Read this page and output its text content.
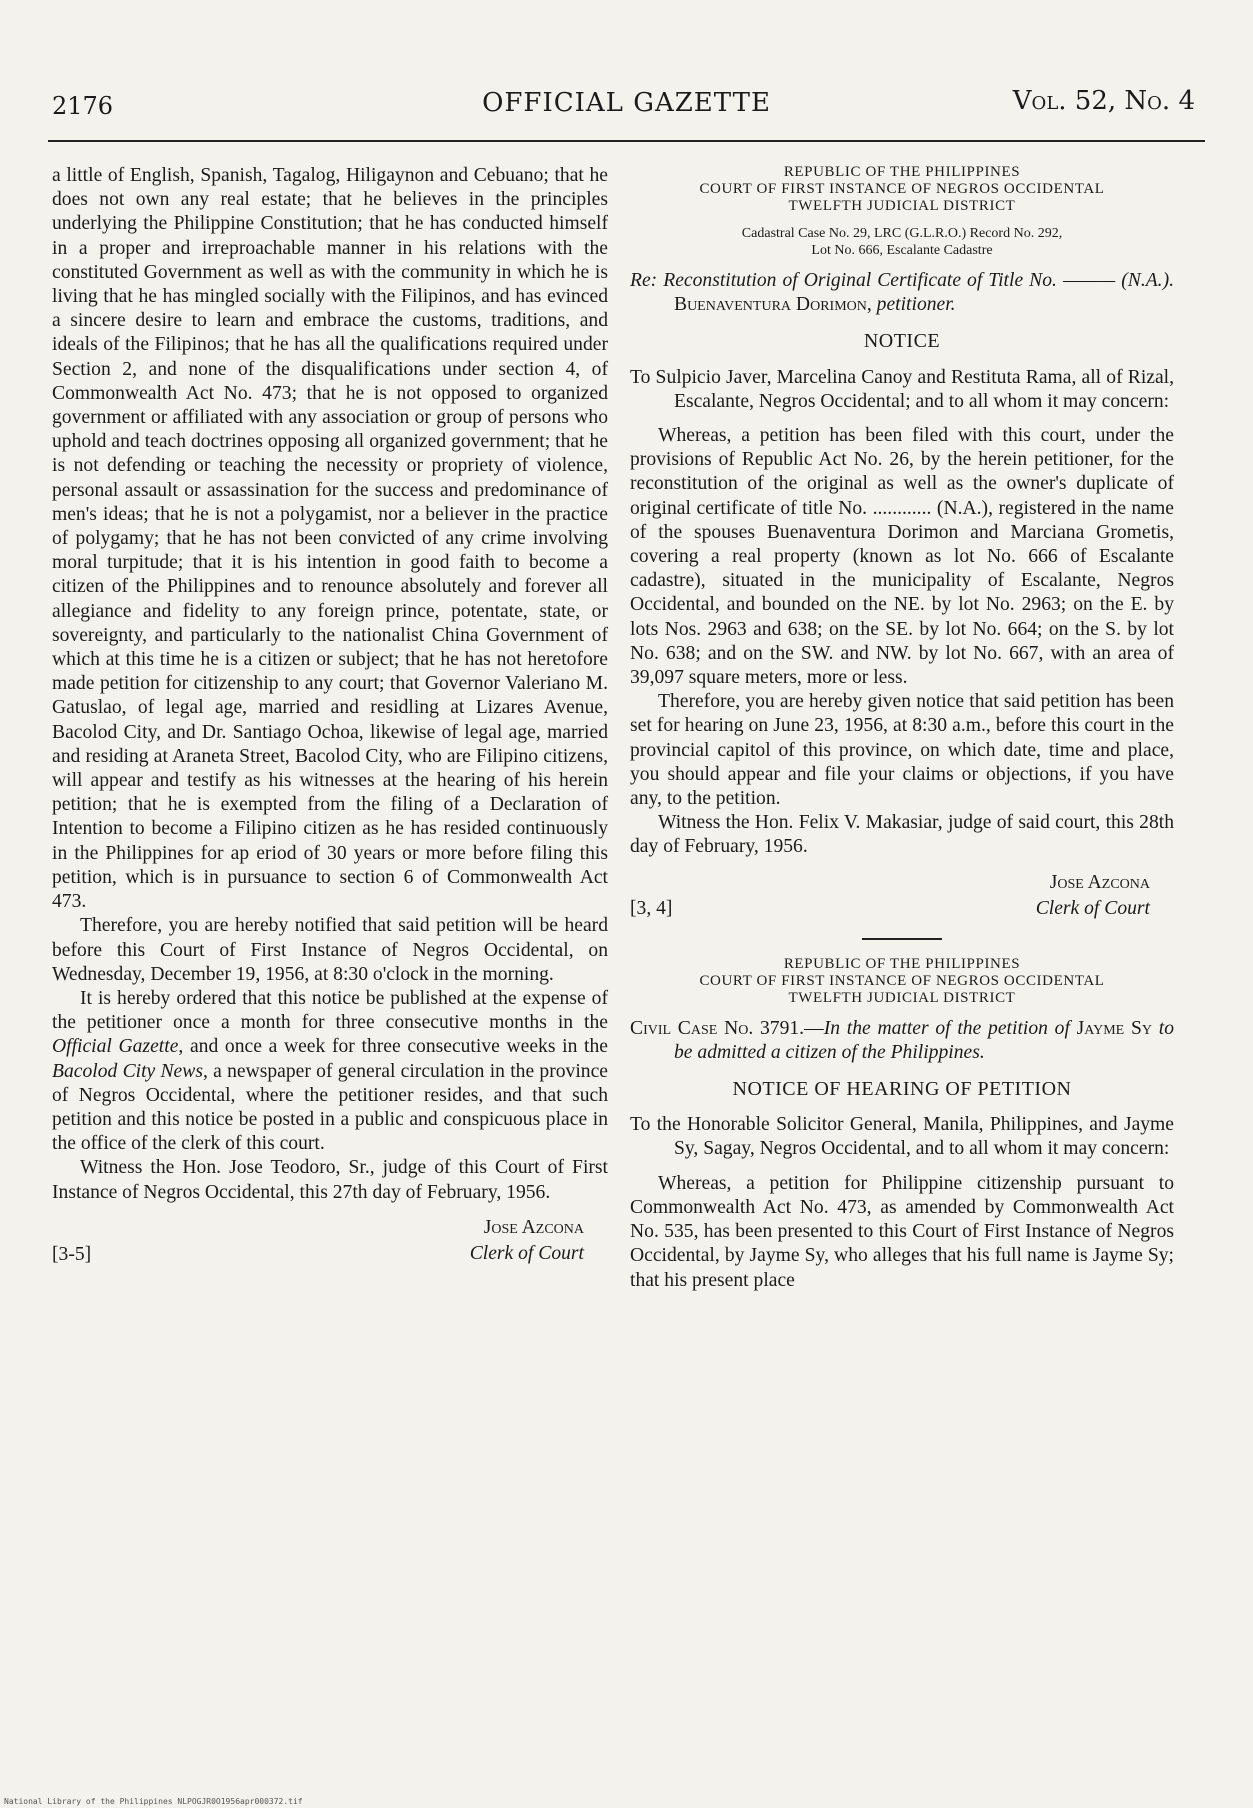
2176	OFFICIAL GAZETTE	Vol. 52, No. 4

a little of English, Spanish, Tagalog, Hiligaynon and Cebuano; that he does not own any real estate; that he believes in the principles underlying the Philippine Constitution; that he has conducted himself in a proper and irreproachable manner in his relations with the constituted Government as well as with the community in which he is living that he has mingled socially with the Filipinos, and has evinced a sincere desire to learn and embrace the customs, traditions, and ideals of the Filipinos; that he has all the qualifications required under Section 2, and none of the disqualifications under section 4, of Commonwealth Act No. 473; that he is not opposed to organized government or affiliated with any association or group of persons who uphold and teach doctrines opposing all organized government; that he is not defending or teaching the necessity or propriety of violence, personal assault or assassination for the success and predominance of men's ideas; that he is not a polygamist, nor a believer in the practice of polygamy; that he has not been convicted of any crime involving moral turpitude; that it is his intention in good faith to become a citizen of the Philippines and to renounce absolutely and forever all allegiance and fidelity to any foreign prince, potentate, state, or sovereignty, and particularly to the nationalist China Government of which at this time he is a citizen or subject; that he has not heretofore made petition for citizenship to any court; that Governor Valeriano M. Gatuslao, of legal age, married and residling at Lizares Avenue, Bacolod City, and Dr. Santiago Ochoa, likewise of legal age, married and residing at Araneta Street, Bacolod City, who are Filipino citizens, will appear and testify as his witnesses at the hearing of his herein petition; that he is exempted from the filing of a Declaration of Intention to become a Filipino citizen as he has resided continuously in the Philippines for ap eriod of 30 years or more before filing this petition, which is in pursuance to section 6 of Commonwealth Act 473.

Therefore, you are hereby notified that said petition will be heard before this Court of First Instance of Negros Occidental, on Wednesday, December 19, 1956, at 8:30 o'clock in the morning.

It is hereby ordered that this notice be published at the expense of the petitioner once a month for three consecutive months in the Official Gazette, and once a week for three consecutive weeks in the Bacolod City News, a newspaper of general circulation in the province of Negros Occidental, where the petitioner resides, and that such petition and this notice be posted in a public and conspicuous place in the office of the clerk of this court.

Witness the Hon. Jose Teodoro, Sr., judge of this Court of First Instance of Negros Occidental, this 27th day of February, 1956.

[3-5]
Jose Azcona
Clerk of Court
REPUBLIC OF THE PHILIPPINES
COURT OF FIRST INSTANCE OF NEGROS OCCIDENTAL
TWELFTH JUDICIAL DISTRICT
Cadastral Case No. 29, LRC (G.L.R.O.) Record No. 292,
Lot No. 666, Escalante Cadastre

Re: Reconstitution of Original Certificate of Title No. ——— (N.A.). Buenaventura Dorimon, petitioner.

NOTICE

To Sulpicio Javer, Marcelina Canoy and Restituta Rama, all of Rizal, Escalante, Negros Occidental; and to all whom it may concern:

Whereas, a petition has been filed with this court, under the provisions of Republic Act No. 26, by the herein petitioner, for the reconstitution of the original as well as the owner's duplicate of original certificate of title No. ............ (N.A.), registered in the name of the spouses Buenaventura Dorimon and Marciana Grometis, covering a real property (known as lot No. 666 of Escalante cadastre), situated in the municipality of Escalante, Negros Occidental, and bounded on the NE. by lot No. 2963; on the E. by lots Nos. 2963 and 638; on the SE. by lot No. 664; on the S. by lot No. 638; and on the SW. and NW. by lot No. 667, with an area of 39,097 square meters, more or less.

Therefore, you are hereby given notice that said petition has been set for hearing on June 23, 1956, at 8:30 a.m., before this court in the provincial capitol of this province, on which date, time and place, you should appear and file your claims or objections, if you have any, to the petition.

Witness the Hon. Felix V. Makasiar, judge of said court, this 28th day of February, 1956.

[3, 4]
Jose Azcona
Clerk of Court
REPUBLIC OF THE PHILIPPINES
COURT OF FIRST INSTANCE OF NEGROS OCCIDENTAL
TWELFTH JUDICIAL DISTRICT

Civil Case No. 3791.—In the matter of the petition of Jayme Sy to be admitted a citizen of the Philippines.

NOTICE OF HEARING OF PETITION

To the Honorable Solicitor General, Manila, Philippines, and Jayme Sy, Sagay, Negros Occidental, and to all whom it may concern:

Whereas, a petition for Philippine citizenship pursuant to Commonwealth Act No. 473, as amended by Commonwealth Act No. 535, has been presented to this Court of First Instance of Negros Occidental, by Jayme Sy, who alleges that his full name is Jayme Sy; that his present place

National Library of the Philippines NLPOGJR0O1956apr000372.tif
